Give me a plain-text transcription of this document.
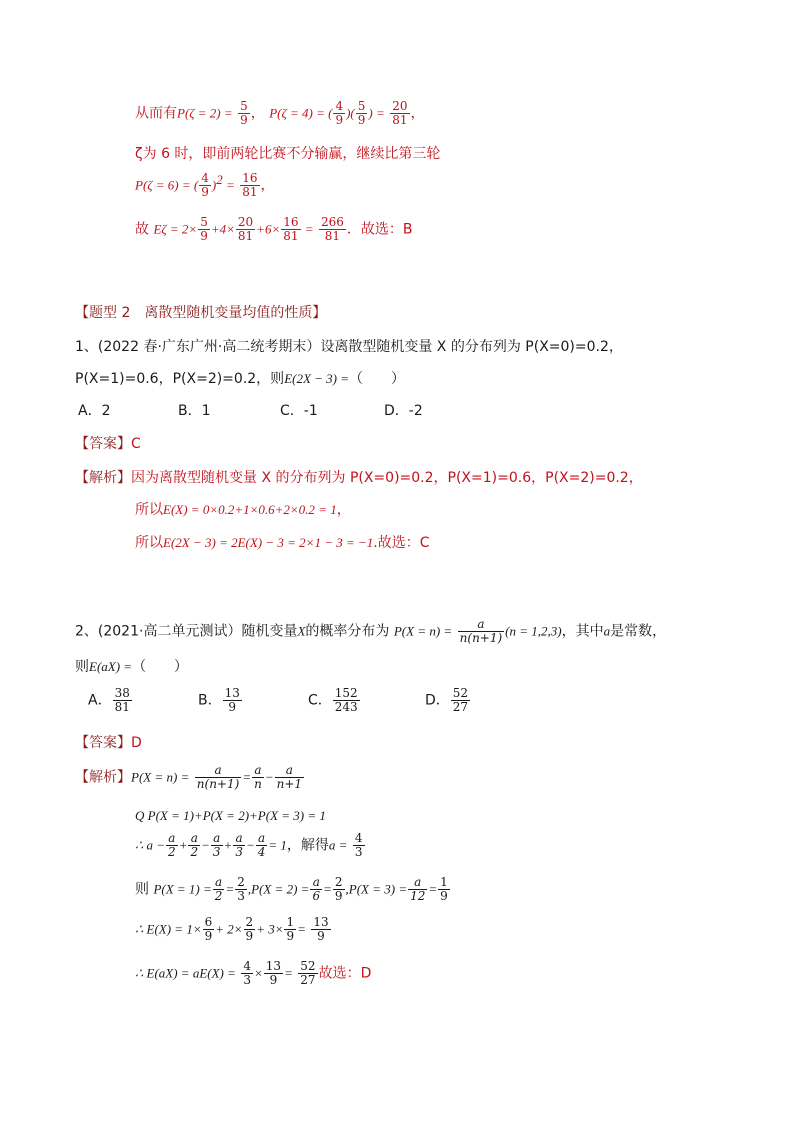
从而有$P(\zeta = 2) = \frac{5}{9}$ ， P(ζ = 4) = ( $\frac{4}{9}$ )( $\frac{5}{9}$ ) = $\frac{20}{81}$ ，
ζ为 6 时，即前两轮比赛不分输赢，继续比第三轮
P(ζ = 6) = ( $\frac{4}{9} )^2 = \frac{16}{81}$ ，
故 $E\zeta = 2\times \frac{5}{9} +4\times \frac{20}{81} +6\times \frac{16}{81} = \frac{266}{81}$ ．故选：B
【题型 2　离散型随机变量均值的性质】
1、(2022 春·广东广州·高二统考期末）设离散型随机变量 X 的分布列为 P(X=0)=0.2，
P(X=1)=0.6，P(X=2)=0.2，则E(2X − 3) =（　　）
A．2	B．1	C．-1	D．-2
【答案】C
【解析】因为离散型随机变量 X 的分布列为 P(X=0)=0.2，P(X=1)=0.6，P(X=2)=0.2，
所以E(X) = 0×0.2+1×0.6+2×0.2 = 1，
所以E(2X − 3) = 2E(X) − 3 = 2×1 − 3 = −1.故选：C
2、(2021·高二单元测试）随机变量X的概率分布为 $P(X = n) = \frac{a}{n(n+1)} (n = 1,2,3)$，其中a是常数，
则E(aX) =（　　）
A． $\frac{38}{81}$	B． $\frac{13}{9}$	C． $\frac{152}{243}$	D． $\frac{52}{27}$
【答案】D
【解析】$P(X = n) = \frac{a}{n(n+1)} = \frac{a}{n} - \frac{a}{n+1}$
Q P(X = 1)+P(X = 2)+P(X = 3) = 1
∴ $a - \frac{a}{2} + \frac{a}{2} - \frac{a}{3} + \frac{a}{3} - \frac{a}{4} = 1$，解得$a = \frac{4}{3}$
则 $P(X = 1) = \frac{a}{2} = \frac{2}{3} ,P(X = 2) = \frac{a}{6} = \frac{2}{9} ,P(X = 3) = \frac{a}{12} = \frac{1}{9}$
∴ $E(X) = 1\times \frac{6}{9} + 2\times \frac{2}{9} + 3\times \frac{1}{9} = \frac{13}{9}$
∴ $E(aX) = aE(X) = \frac{4}{3} \times \frac{13}{9} = \frac{52}{27}$ 故选：D
